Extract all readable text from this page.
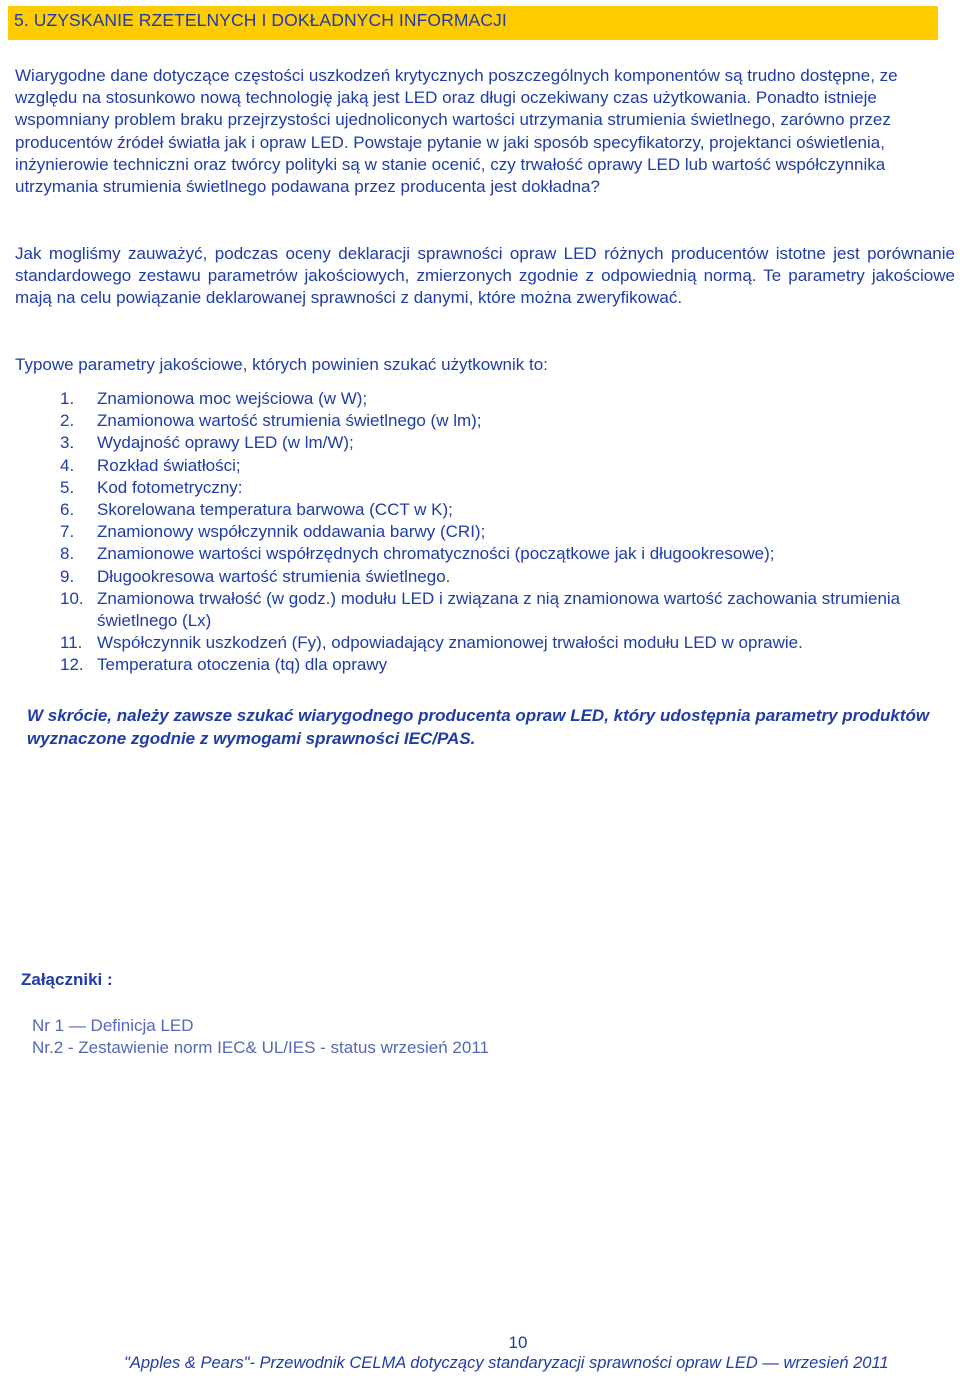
5. UZYSKANIE RZETELNYCH I DOKŁADNYCH INFORMACJI

Wiarygodne dane dotyczące częstości uszkodzeń krytycznych poszczególnych komponentów są trudno dostępne, ze względu na stosunkowo nową technologię jaką jest LED oraz długi oczekiwany czas użytkowania. Ponadto istnieje wspomniany problem braku przejrzystości ujednoliconych wartości utrzymania strumienia świetlnego, zarówno przez producentów źródeł światła jak i opraw LED. Powstaje pytanie w jaki sposób specyfikatorzy, projektanci oświetlenia, inżynierowie techniczni oraz twórcy polityki są w stanie ocenić, czy trwałość oprawy LED lub wartość współczynnika utrzymania strumienia świetlnego podawana przez producenta jest dokładna?

Jak mogliśmy zauważyć, podczas oceny deklaracji sprawności opraw LED różnych producentów istotne jest porównanie standardowego zestawu parametrów jakościowych, zmierzonych zgodnie z odpowiednią normą. Te parametry jakościowe mają na celu powiązanie deklarowanej sprawności z danymi, które można zweryfikować.

Typowe parametry jakościowe, których powinien szukać użytkownik to:

1.	Znamionowa moc wejściowa (w W);
2.	Znamionowa wartość strumienia świetlnego (w lm);
3.	Wydajność oprawy LED (w lm/W);
4.	Rozkład światłości;
5.	Kod fotometryczny:
6.	Skorelowana temperatura barwowa (CCT w K);
7.	Znamionowy współczynnik oddawania barwy (CRI);
8.	Znamionowe wartości współrzędnych chromatyczności (początkowe jak i długookresowe);
9.	Długookresowa wartość strumienia świetlnego.
10. Znamionowa trwałość (w godz.) modułu LED i związana z nią znamionowa wartość zachowania strumienia świetlnego (Lx)
11. Współczynnik uszkodzeń (Fy), odpowiadający znamionowej trwałości modułu LED w oprawie.
12. Temperatura otoczenia (tq) dla oprawy

W skrócie, należy zawsze szukać wiarygodnego producenta opraw LED, który udostępnia parametry produktów wyznaczone zgodnie z wymogami sprawności IEC/PAS.

Załączniki :

Nr 1 — Definicja LED
Nr.2 - Zestawienie norm IEC& UL/IES - status wrzesień 2011
10
"Apples & Pears"- Przewodnik CELMA dotyczący standaryzacji sprawności opraw LED — wrzesień 2011
